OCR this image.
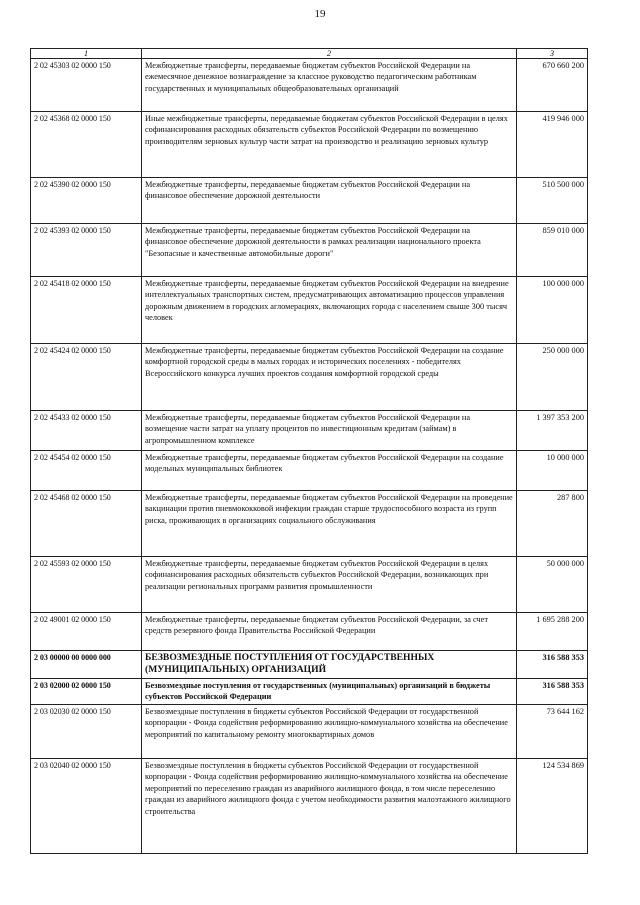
19
1	2	3
2 02 45303 02 0000 150	Межбюджетные трансферты, передаваемые бюджетам субъектов Российской Федерации на ежемесячное денежное вознаграждение за классное руководство педагогическим работникам государственных и муниципальных общеобразовательных организаций	670 660 200
2 02 45368 02 0000 150	Иные межбюджетные трансферты, передаваемые бюджетам субъектов Российской Федерации в целях софинансирования расходных обязательств субъектов Российской Федерации по возмещению производителям зерновых культур части затрат на производство и реализацию зерновых культур	419 946 000
2 02 45390 02 0000 150	Межбюджетные трансферты, передаваемые бюджетам субъектов Российской Федерации на финансовое обеспечение дорожной деятельности	510 500 000
2 02 45393 02 0000 150	Межбюджетные трансферты, передаваемые бюджетам субъектов Российской Федерации на финансовое обеспечение дорожной деятельности в рамках реализации национального проекта "Безопасные и качественные автомобильные дороги"	859 010 000
2 02 45418 02 0000 150	Межбюджетные трансферты, передаваемые бюджетам субъектов Российской Федерации на внедрение интеллектуальных транспортных систем, предусматривающих автоматизацию процессов управления дорожным движением в городских агломерациях, включающих города с населением свыше 300 тысяч человек	100 000 000
2 02 45424 02 0000 150	Межбюджетные трансферты, передаваемые бюджетам субъектов Российской Федерации на создание комфортной городской среды в малых городах и исторических поселениях - победителях Всероссийского конкурса лучших проектов создания комфортной городской среды	250 000 000
2 02 45433 02 0000 150	Межбюджетные трансферты, передаваемые бюджетам субъектов Российской Федерации на возмещение части затрат на уплату процентов по инвестиционным кредитам (займам) в агропромышленном комплексе	1 397 353 200
2 02 45454 02 0000 150	Межбюджетные трансферты, передаваемые бюджетам субъектов Российской Федерации на создание модельных муниципальных библиотек	10 000 000
2 02 45468 02 0000 150	Межбюджетные трансферты, передаваемые бюджетам субъектов Российской Федерации на проведение вакцинации против пневмококковой инфекции граждан старше трудоспособного возраста из групп риска, проживающих в организациях социального обслуживания	287 800
2 02 45593 02 0000 150	Межбюджетные трансферты, передаваемые бюджетам субъектов Российской Федерации в целях софинансирования расходных обязательств субъектов Российской Федерации, возникающих при реализации региональных программ развития промышленности	50 000 000
2 02 49001 02 0000 150	Межбюджетные трансферты, передаваемые бюджетам субъектов Российской Федерации, за счет средств резервного фонда Правительства Российской Федерации	1 695 288 200
2 03 00000 00 0000 000	БЕЗВОЗМЕЗДНЫЕ ПОСТУПЛЕНИЯ ОТ ГОСУДАРСТВЕННЫХ (МУНИЦИПАЛЬНЫХ) ОРГАНИЗАЦИЙ	316 588 353
2 03 02000 02 0000 150	Безвозмездные поступления от государственных (муниципальных) организаций в бюджеты субъектов Российской Федерации	316 588 353
2 03 02030 02 0000 150	Безвозмездные поступления в бюджеты субъектов Российской Федерации от государственной корпорации - Фонда содействия реформированию жилищно-коммунального хозяйства на обеспечение мероприятий по капитальному ремонту многоквартирных домов	73 644 162
2 03 02040 02 0000 150	Безвозмездные поступления в бюджеты субъектов Российской Федерации от государственной корпорации - Фонда содействия реформированию жилищно-коммунального хозяйства на обеспечение мероприятий по переселению граждан из аварийного жилищного фонда, в том числе переселению граждан из аварийного жилищного фонда с учетом необходимости развития малоэтажного жилищного строительства	124 534 869
